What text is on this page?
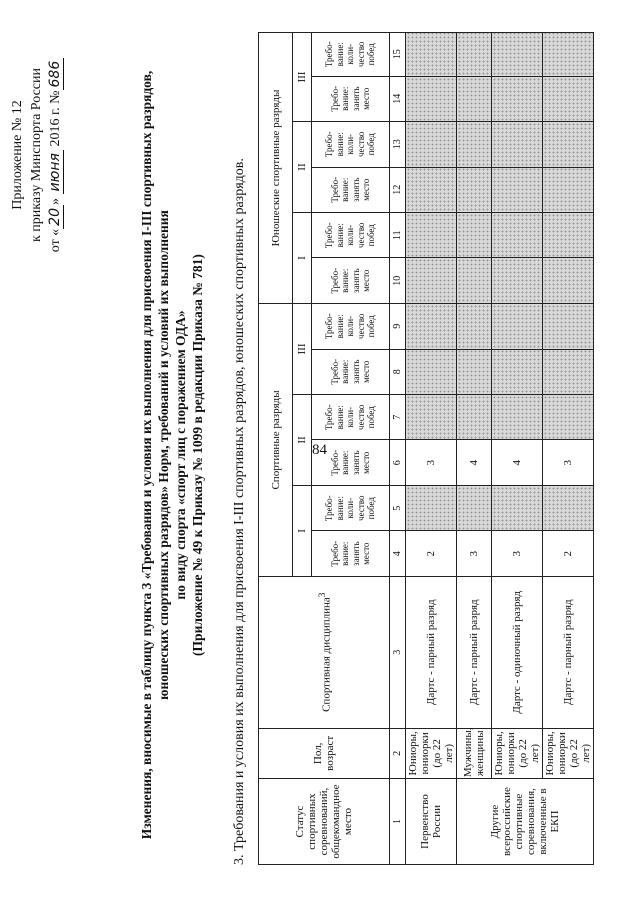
84
Приложение № 12 к приказу Минспорта России от «20» июня 2016 г. №686	Изменения, вносимые в таблицу пункта 3 «Требования и условия их выполнения для присвоения I-III спортивных разрядов, юношеских спортивных разрядов» Норм, требований и условий их выполнения по виду спорта «спорт лиц с поражением ОДА» (Приложение № 49 к Приказу № 1099 в редакции Приказа № 781) 3. Требования и условия их выполнения для присвоения I-III спортивных разрядов, юношеских спортивных разрядов.	Статус спортивных соревнований, общекомандное место	Пол, возраст	Спортивная дисциплина$^3$	Спортивные разряды						Юношеские спортивные разряды					
			I		II		III		I		II		III	
			Требо-вание: занять место	Требо-вание: коли-чество побед	Требо-вание: занять место	Требо-вание: коли-чество побед	Требо-вание: занять место	Требо-вание: коли-чество побед	Требо-вание: занять место	Требо-вание: коли-чество побед	Требо-вание: занять место	Требо-вание: коли-чество побед	Требо-вание: занять место	Требо-вание: коли-чество побед
1	2	3	4	5	6	7	8	9	10	11	12	13	14	15
Первенство России	Юниоры, юниорки (до 22 лет)	Дартс - парный разряд	2		3									
Другие всероссийские спортивные соревнования, включенные в ЕКП	Мужчины, женщины	Дартс - парный разряд	3		4									
	Юниоры, юниорки (до 22 лет)	Дартс - одиночный разряд	3		4									
	Юниоры, юниорки (до 22 лет)	Дартс - парный разряд	2		3									
